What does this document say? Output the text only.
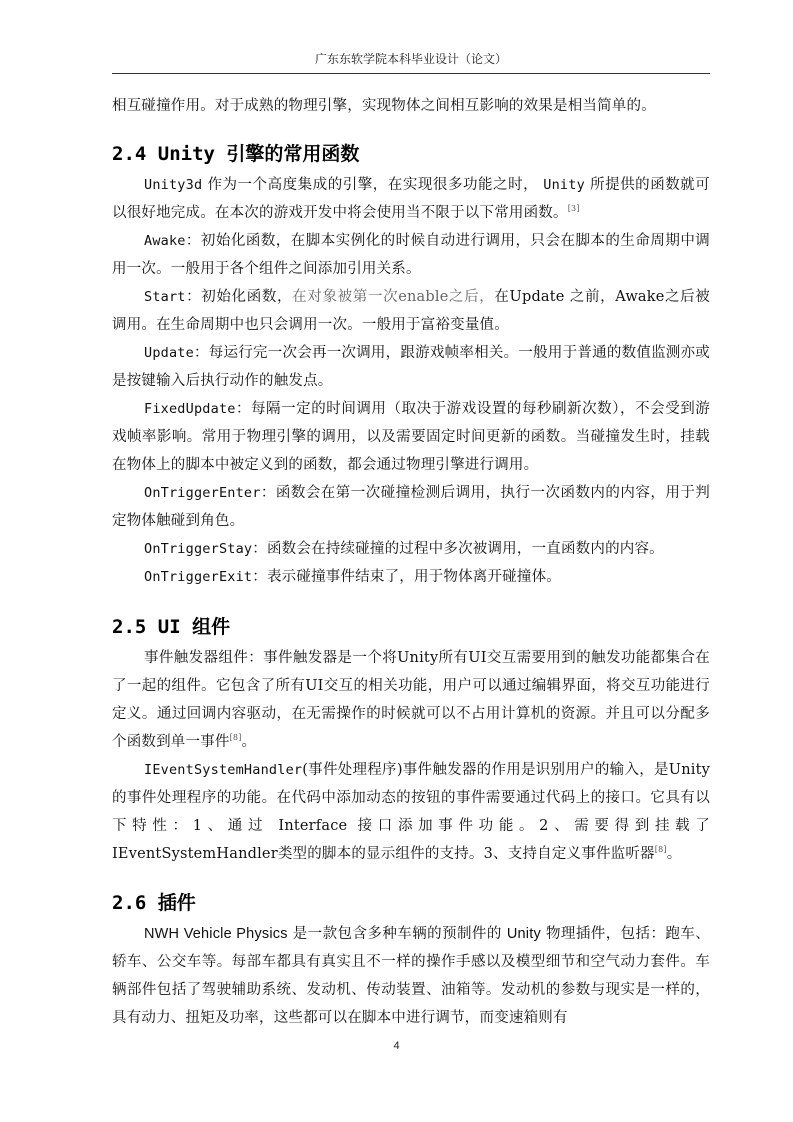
广东东软学院本科毕业设计（论文）

相互碰撞作用。对于成熟的物理引擎，实现物体之间相互影响的效果是相当简单的。

2.4 Unity 引擎的常用函数

Unity3d 作为一个高度集成的引擎，在实现很多功能之时， Unity 所提供的函数就可以很好地完成。在本次的游戏开发中将会使用当不限于以下常用函数。[3]

Awake：初始化函数，在脚本实例化的时候自动进行调用，只会在脚本的生命周期中调用一次。一般用于各个组件之间添加引用关系。

Start：初始化函数，在对象被第一次enable之后，在Update 之前，Awake之后被调用。在生命周期中也只会调用一次。一般用于富裕变量值。

Update：每运行完一次会再一次调用，跟游戏帧率相关。一般用于普通的数值监测亦或是按键输入后执行动作的触发点。

FixedUpdate：每隔一定的时间调用（取决于游戏设置的每秒刷新次数），不会受到游戏帧率影响。常用于物理引擎的调用，以及需要固定时间更新的函数。当碰撞发生时，挂载在物体上的脚本中被定义到的函数，都会通过物理引擎进行调用。

OnTriggerEnter：函数会在第一次碰撞检测后调用，执行一次函数内的内容，用于判定物体触碰到角色。

OnTriggerStay：函数会在持续碰撞的过程中多次被调用，一直函数内的内容。

OnTriggerExit：表示碰撞事件结束了，用于物体离开碰撞体。

2.5 UI 组件

事件触发器组件：事件触发器是一个将Unity所有UI交互需要用到的触发功能都集合在了一起的组件。它包含了所有UI交互的相关功能，用户可以通过编辑界面，将交互功能进行定义。通过回调内容驱动，在无需操作的时候就可以不占用计算机的资源。并且可以分配多个函数到单一事件[8]。

IEventSystemHandler(事件处理程序)事件触发器的作用是识别用户的输入，是Unity的事件处理程序的功能。在代码中添加动态的按钮的事件需要通过代码上的接口。它具有以下特性：1、通过 Interface 接口添加事件功能。2、需要得到挂载了IEventSystemHandler类型的脚本的显示组件的支持。3、支持自定义事件监听器[8]。

2.6 插件

NWH Vehicle Physics 是一款包含多种车辆的预制件的 Unity 物理插件，包括：跑车、轿车、公交车等。每部车都具有真实且不一样的操作手感以及模型细节和空气动力套件。车辆部件包括了驾驶辅助系统、发动机、传动装置、油箱等。发动机的参数与现实是一样的，具有动力、扭矩及功率，这些都可以在脚本中进行调节，而变速箱则有

4
